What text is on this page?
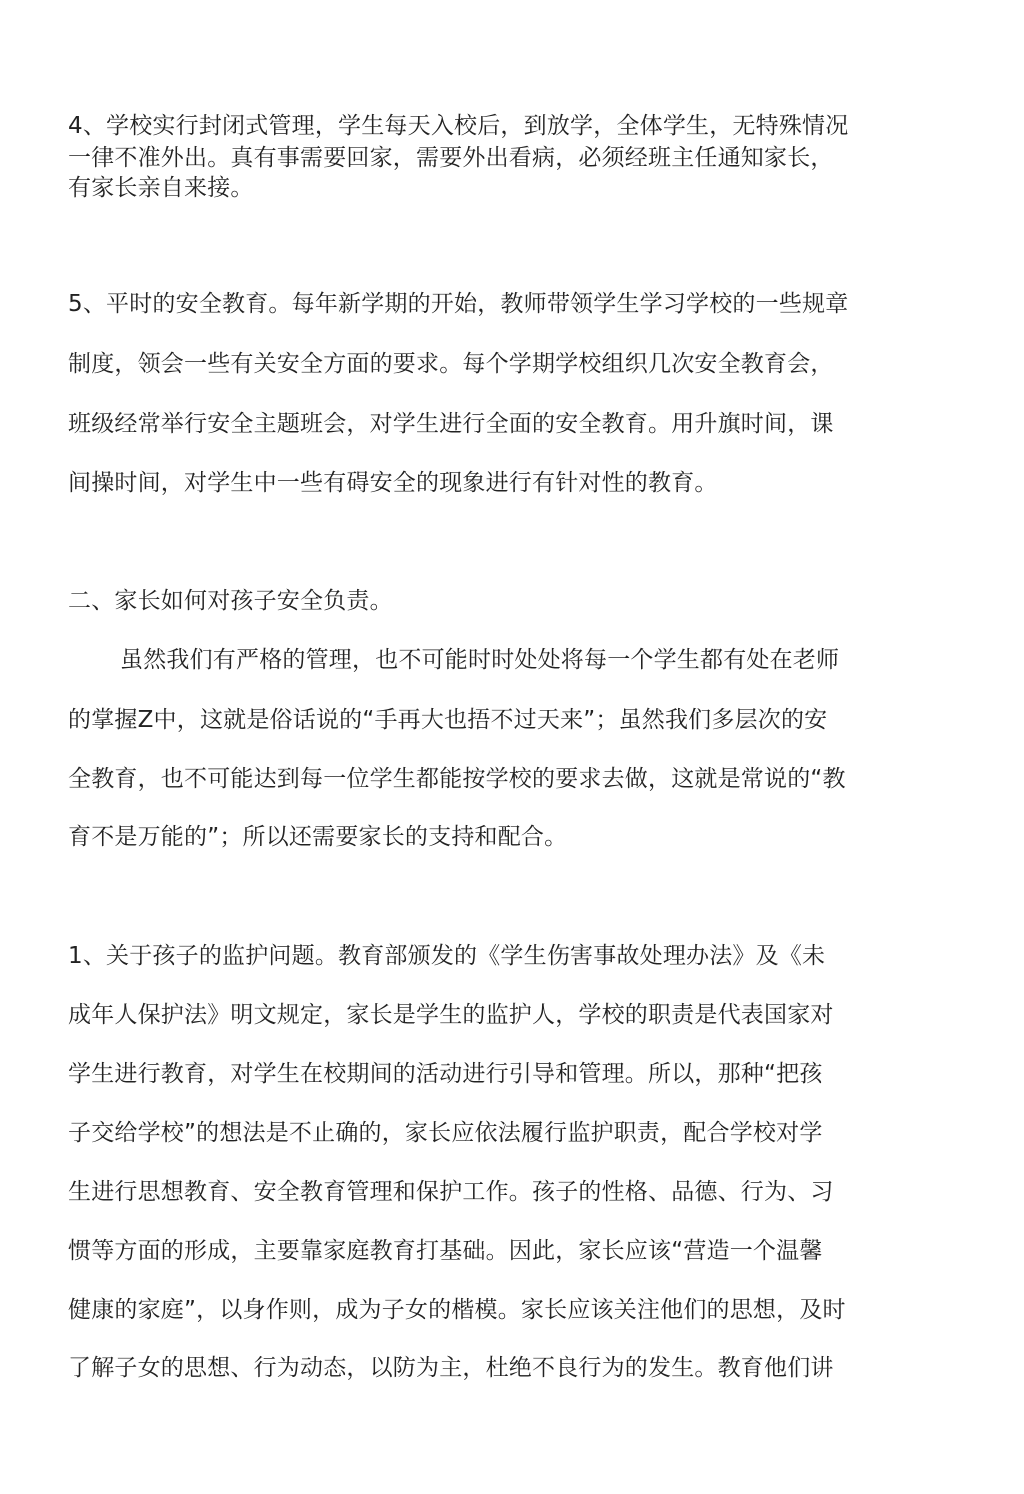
4、学校实行封闭式管理，学生每天入校后，到放学，全体学生，无特殊情况
一律不准外出。真有事需要回家，需要外出看病，必须经班主任通知家长，
有家长亲自来接。
5、平时的安全教育。每年新学期的开始，教师带领学生学习学校的一些规章
制度，领会一些有关安全方面的要求。每个学期学校组织几次安全教育会，
班级经常举行安全主题班会，对学生进行全面的安全教育。用升旗时间，课
间操时间，对学生中一些有碍安全的现象进行有针对性的教育。
二、家长如何对孩子安全负责。
虽然我们有严格的管理，也不可能时时处处将每一个学生都有处在老师
的掌握Z中，这就是俗话说的“手再大也捂不过天来”；虽然我们多层次的安
全教育，也不可能达到每一位学生都能按学校的要求去做，这就是常说的“教
育不是万能的”；所以还需要家长的支持和配合。
1、关于孩子的监护问题。教育部颁发的《学生伤害事故处理办法》及《未
成年人保护法》明文规定，家长是学生的监护人，学校的职责是代表国家对
学生进行教育，对学生在校期间的活动进行引导和管理。所以，那种“把孩
子交给学校”的想法是不止确的，家长应依法履行监护职责，配合学校对学
生进行思想教育、安全教育管理和保护工作。孩子的性格、品德、行为、习
惯等方面的形成，主要靠家庭教育打基础。因此，家长应该“营造一个温馨
健康的家庭”，以身作则，成为子女的楷模。家长应该关注他们的思想，及时
了解子女的思想、行为动态，以防为主，杜绝不良行为的发生。教育他们讲
